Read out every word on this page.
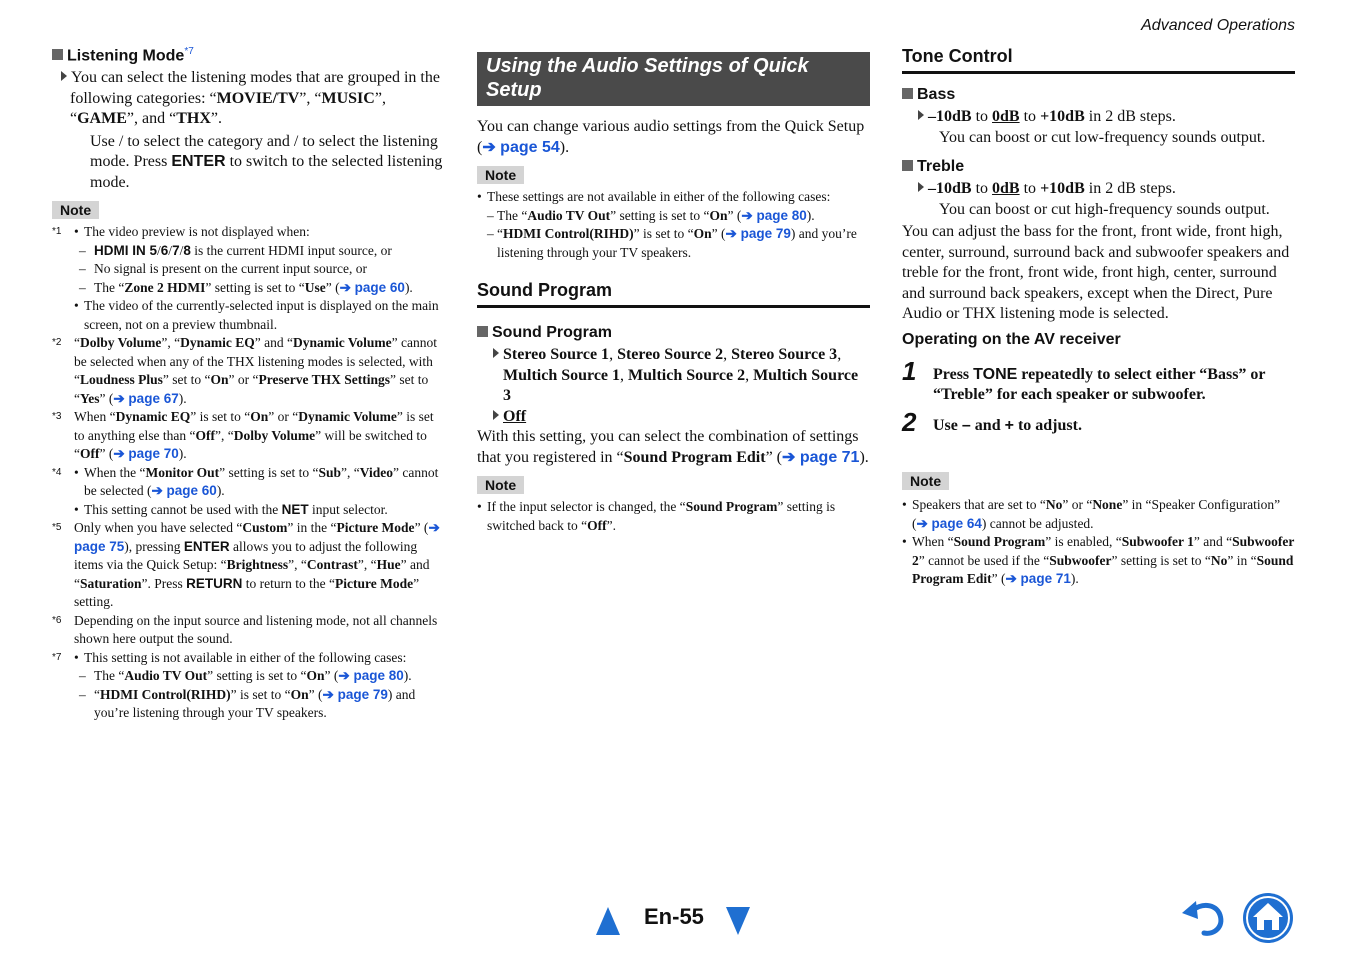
Advanced Operations

Listening Mode$^{*7}$

You can select the listening modes that are grouped in the following categories: “MOVIE/TV”, “MUSIC”, “GAME”, and “THX”.
Use / to select the category and / to select the listening mode. Press ENTER to switch to the selected listening mode.
Note
*1	• The video preview is not displayed when:
– HDMI IN 5/6/7/8 is the current HDMI input source, or
– No signal is present on the current input source, or
– The “Zone 2 HDMI” setting is set to “Use” (➔ page 60).
• The video of the currently-selected input is displayed on the main screen, not on a preview thumbnail.
*2 “Dolby Volume”, “Dynamic EQ” and “Dynamic Volume” cannot be selected when any of the THX listening modes is selected, with “Loudness Plus” set to “On” or “Preserve THX Settings” set to “Yes” (➔ page 67).
*3 When “Dynamic EQ” is set to “On” or “Dynamic Volume” is set to anything else than “Off”, “Dolby Volume” will be switched to “Off” (➔ page 70).
*4	• When the “Monitor Out” setting is set to “Sub”, “Video” cannot be selected (➔ page 60).
• This setting cannot be used with the NET input selector.
*5 Only when you have selected “Custom” in the “Picture Mode” (➔ page 75), pressing ENTER allows you to adjust the following items via the Quick Setup: “Brightness”, “Contrast”, “Hue” and “Saturation”. Press RETURN to return to the “Picture Mode” setting.
*6 Depending on the input source and listening mode, not all channels shown here output the sound.
*7	• This setting is not available in either of the following cases:
– The “Audio TV Out” setting is set to “On” (➔ page 80).
– “HDMI Control(RIHD)” is set to “On” (➔ page 79) and you’re listening through your TV speakers.
Using the Audio Settings of Quick Setup
You can change various audio settings from the Quick Setup (➔ page 54).
Note
• These settings are not available in either of the following cases:
– The “Audio TV Out” setting is set to “On” (➔ page 80).
– “HDMI Control(RIHD)” is set to “On” (➔ page 79) and you’re listening through your TV speakers.
Sound Program

Sound Program

Stereo Source 1, Stereo Source 2, Stereo Source 3, Multich Source 1, Multich Source 2, Multich Source 3
Off
With this setting, you can select the combination of settings that you registered in “Sound Program Edit” (➔ page 71).
Note
• If the input selector is changed, the “Sound Program” setting is switched back to “Off”.
Tone Control

Bass

–10dB to 0dB to +10dB in 2 dB steps.
You can boost or cut low-frequency sounds output.

Treble

–10dB to 0dB to +10dB in 2 dB steps.
You can boost or cut high-frequency sounds output.
You can adjust the bass for the front, front wide, front high, center, surround, surround back and subwoofer speakers and treble for the front, front wide, front high, center, surround and surround back speakers, except when the Direct, Pure Audio or THX listening mode is selected.
Operating on the AV receiver
1 Press TONE repeatedly to select either “Bass” or “Treble” for each speaker or subwoofer.
2 Use – and + to adjust.
Note
• Speakers that are set to “No” or “None” in “Speaker Configuration” (➔ page 64) cannot be adjusted.
• When “Sound Program” is enabled, “Subwoofer 1” and “Subwoofer 2” cannot be used if the “Subwoofer” setting is set to “No” in “Sound Program Edit” (➔ page 71).
En-55
